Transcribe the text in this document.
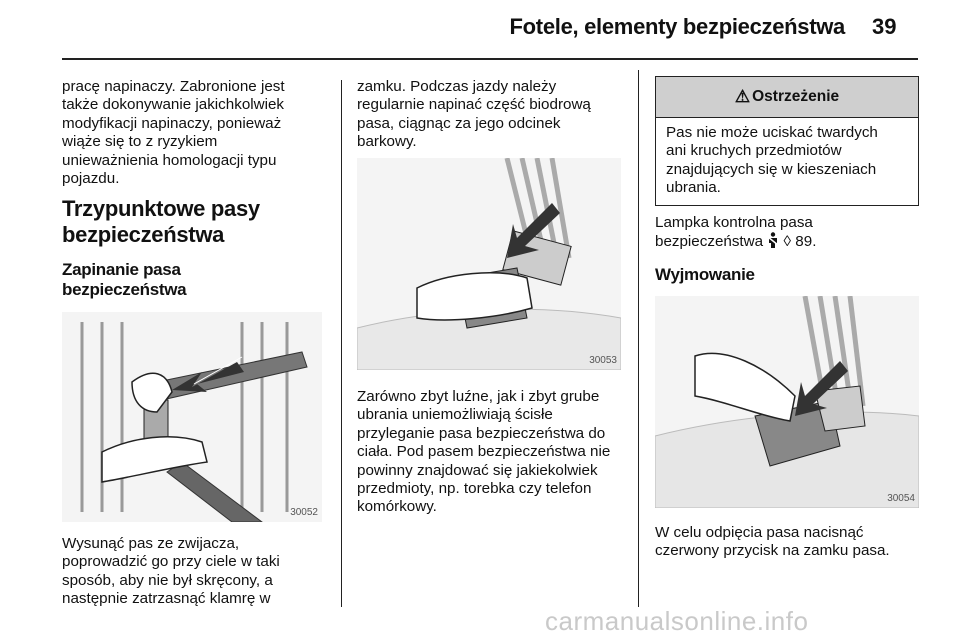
Fotele, elementy bezpieczeństwa 39

pracę napinaczy. Zabronione jest

także dokonywanie jakichkolwiek

modyfikacji napinaczy, ponieważ

wiąże się to z ryzykiem

unieważnienia homologacji typu

pojazdu.

Trzypunktowe pasy

bezpieczeństwa

Zapinanie pasa

bezpieczeństwa

30052

Wysunąć pas ze zwijacza,

poprowadzić go przy ciele w taki

sposób, aby nie był skręcony, a

następnie zatrzasnąć klamrę w

zamku. Podczas jazdy należy

regularnie napinać część biodrową

pasa, ciągnąc za jego odcinek

barkowy.

30053

Zarówno zbyt luźne, jak i zbyt grube

ubrania uniemożliwiają ścisłe

przyleganie pasa bezpieczeństwa do

ciała. Pod pasem bezpieczeństwa nie

powinny znajdować się jakiekolwiek

przedmioty, np. torebka czy telefon

komórkowy.

⚠ Ostrzeżenie

Pas nie może uciskać twardych

ani kruchych przedmiotów

znajdujących się w kieszeniach

ubrania.

Lampka kontrolna pasa

bezpieczeństwa ◊ 89.

Wyjmowanie

30054

W celu odpięcia pasa nacisnąć

czerwony przycisk na zamku pasa.

carmanualsonline.info
